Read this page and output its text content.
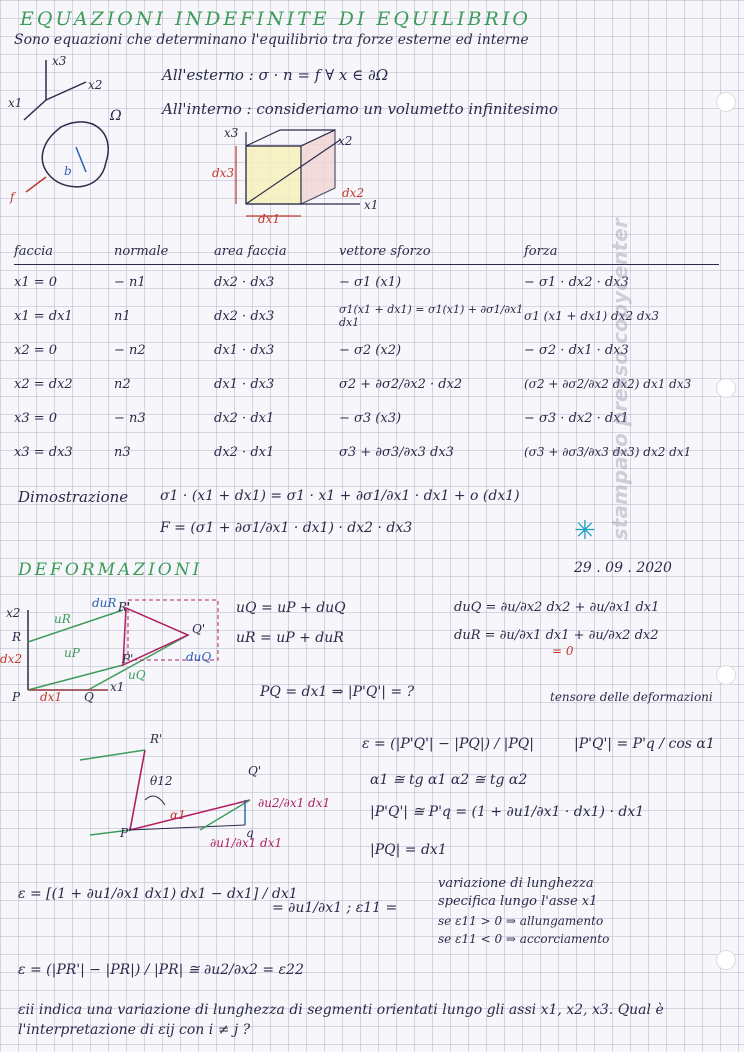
EQUAZIONI INDEFINITE DI EQUILIBRIO
Sono equazioni che determinano l'equilibrio tra forze esterne ed interne
All'esterno : σ · n = f ∀ x ∈ ∂Ω
All'interno : consideriamo un volumetto infinitesimo
x3
x2
x1
Ω
f
b
x3
x2
x1
dx3
dx1
dx2
faccia	normale	area faccia	vettore sforzo	forza
x1 = 0	− n1	dx2 · dx3	− σ1 (x1)	− σ1 · dx2 · dx3
x1 = dx1	n1	dx2 · dx3	σ1(x1 + dx1) = σ1(x1) + ∂σ1/∂x1 dx1	σ1 (x1 + dx1) dx2 dx3
x2 = 0	− n2	dx1 · dx3	− σ2 (x2)	− σ2 · dx1 · dx3
x2 = dx2	n2	dx1 · dx3	σ2 + ∂σ2/∂x2 · dx2	(σ2 + ∂σ2/∂x2 dx2) dx1 dx3
x3 = 0	− n3	dx2 · dx1	− σ3 (x3)	− σ3 · dx2 · dx1
x3 = dx3	n3	dx2 · dx1	σ3 + ∂σ3/∂x3 dx3	(σ3 + ∂σ3/∂x3 dx3) dx2 dx1
Dimostrazione σ1 · (x1 + dx1) = σ1 · x1 + ∂σ1/∂x1 · dx1 + o (dx1)
F = (σ1 + ∂σ1/∂x1 · dx1) · dx2 · dx3	✳
DEFORMAZIONI	29 . 09 . 2020
x2
R
P	Q
x1
dx1
dx2
R'
Q'
P'
uR
uP
uQ
duR
duQ
uQ = uP + duQ
uR = uP + duR
duQ = ∂u/∂x2 dx2 + ∂u/∂x1 dx1
duR = ∂u/∂x1 dx1 + ∂u/∂x2 dx2
= 0
PQ = dx1 ⇒ |P'Q'| = ?	tensore delle deformazioni
ε = (|P'Q'| − |PQ|) / |PQ|	|P'Q'| = P'q / cos α1
α1 ≅ tg α1 α2 ≅ tg α2
|P'Q'| ≅ P'q = (1 + ∂u1/∂x1 · dx1) · dx1
|PQ| = dx1
R'
Q'
P'
θ12
α1
q
∂u2/∂x1 dx1
∂u1/∂x1 dx1
ε = [(1 + ∂u1/∂x1 dx1) dx1 − dx1] / dx1
= ∂u1/∂x1 ; ε11 =
variazione di lunghezza
specifica lungo l'asse x1
se ε11 > 0 ⇒ allungamento
se ε11 < 0 ⇒ accorciamento
ε = (|PR'| − |PR|) / |PR| ≅ ∂u2/∂x2 = ε22
εii indica una variazione di lunghezza di segmenti orientati lungo gli assi x1, x2, x3. Qual è l'interpretazione di εij con i ≠ j ?
stampato presso copycenter
